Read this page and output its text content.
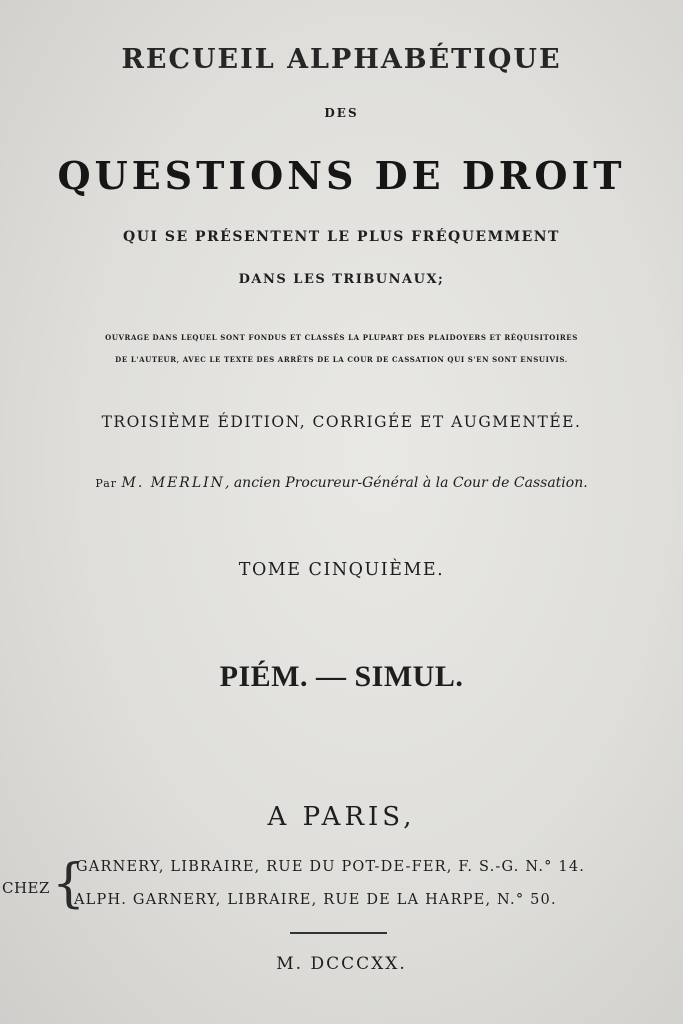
RECUEIL ALPHABÉTIQUE
DES
QUESTIONS DE DROIT
QUI SE PRÉSENTENT LE PLUS FRÉQUEMMENT
DANS LES TRIBUNAUX;
OUVRAGE DANS LEQUEL SONT FONDUS ET CLASSÉS LA PLUPART DES PLAIDOYERS ET RÉQUISITOIRES
DE L'AUTEUR, AVEC LE TEXTE DES ARRÊTS DE LA COUR DE CASSATION QUI S'EN SONT ENSUIVIS.
TROISIÈME ÉDITION, CORRIGÉE ET AUGMENTÉE.
Par M. MERLIN, ancien Procureur-Général à la Cour de Cassation.
TOME CINQUIÈME.
PIÉM. — SIMUL.
A PARIS,
CHEZ {
GARNERY, LIBRAIRE, RUE DU POT-DE-FER, F. S.-G. N.° 14.
ALPH. GARNERY, LIBRAIRE, RUE DE LA HARPE, N.° 50.
M. DCCCXX.
